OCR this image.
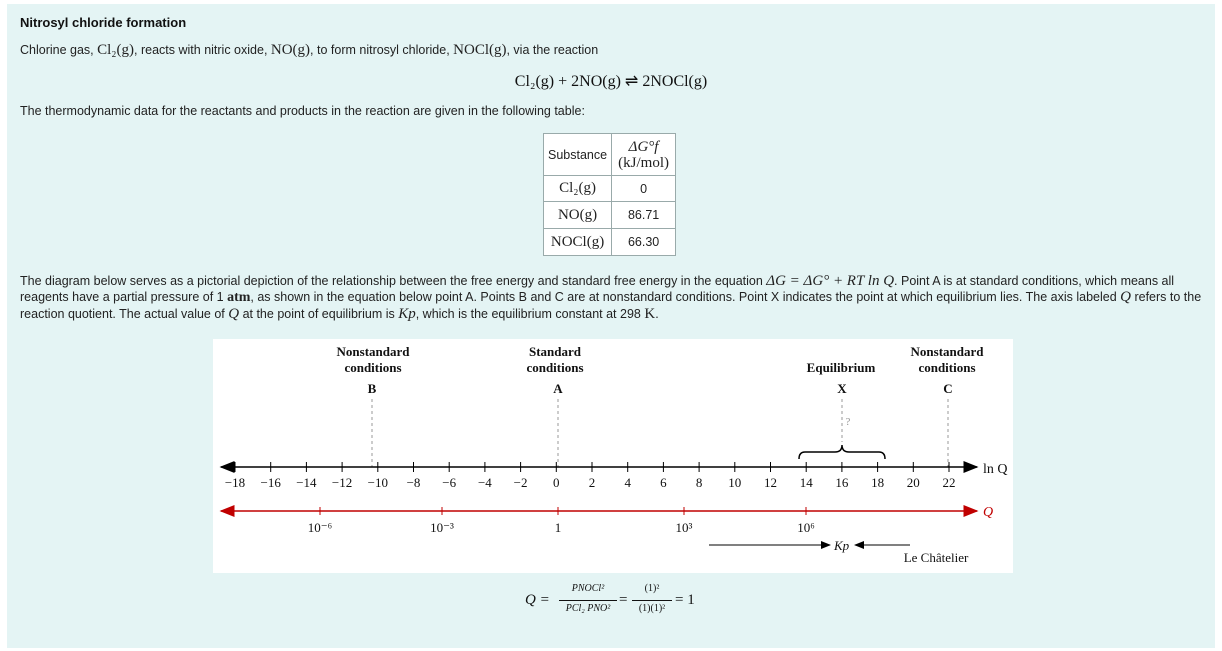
Nitrosyl chloride formation
Chlorine gas, Cl₂(g), reacts with nitric oxide, NO(g), to form nitrosyl chloride, NOCl(g), via the reaction
Cl₂(g) + 2NO(g) ⇌ 2NOCl(g)
The thermodynamic data for the reactants and products in the reaction are given in the following table:
Substance	ΔG°f
(kJ/mol)

Cl₂(g)	0
NO(g)	86.71
NOCl(g)	66.30
The diagram below serves as a pictorial depiction of the relationship between the free energy and standard free energy in the equation ΔG = ΔG° + RT ln Q. Point A is at standard conditions, which means all reagents have a partial pressure of 1 atm, as shown in the equation below point A. Points B and C are at nonstandard conditions. Point X indicates the point at which equilibrium lies. The axis labeled Q refers to the reaction quotient. The actual value of Q at the point of equilibrium is Kp, which is the equilibrium constant at 298 K.
Nonstandard
conditions
B
Standard
conditions
A
Equilibrium
X
?
Nonstandard
conditions
C
−18 −16 −14 −12 −10 −8 −6 −4 −2 0 2 4 6 8 10 12 14 16 18 20 22
ln Q
10⁻⁶	10⁻³	1	10³	10⁶
Q
Kp
Le Châtelier
Q =
PNOCl²
PCl₂ PNO²
=
(1)²
(1)(1)²
= 1
